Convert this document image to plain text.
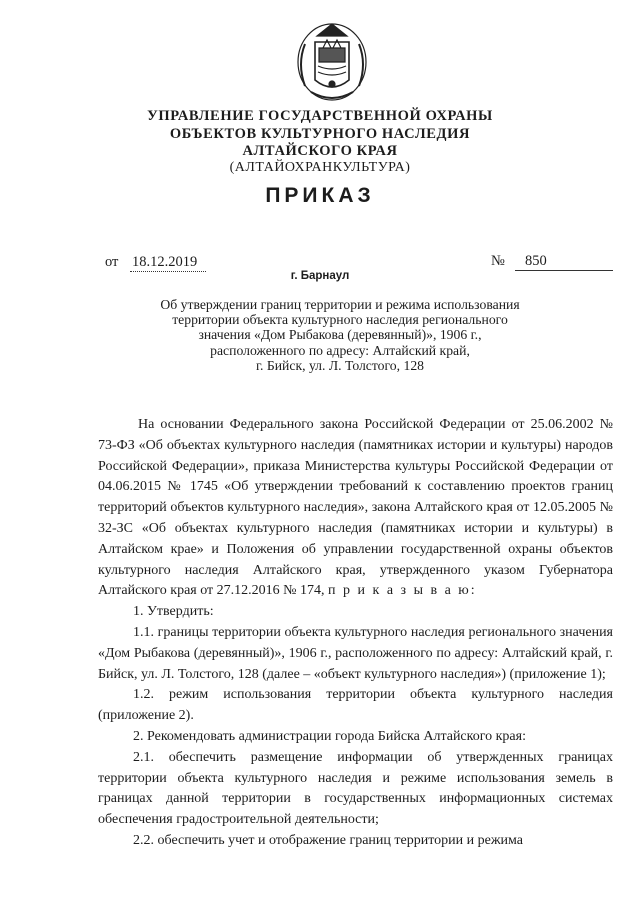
УПРАВЛЕНИЕ ГОСУДАРСТВЕННОЙ ОХРАНЫ
ОБЪЕКТОВ КУЛЬТУРНОГО НАСЛЕДИЯ
АЛТАЙСКОГО КРАЯ
(АЛТАЙОХРАНКУЛЬТУРА)
ПРИКАЗ
от 18.12.2019	№	850
г. Барнаул
Об утверждении границ территории и режима использования
территории объекта культурного наследия регионального
значения «Дом Рыбакова (деревянный)», 1906 г.,
расположенного по адресу: Алтайский край,
г. Бийск, ул. Л. Толстого, 128
На основании Федерального закона Российской Федерации от 25.06.2002 № 73-ФЗ «Об объектах культурного наследия (памятниках истории и культуры) народов Российской Федерации», приказа Министерства культуры Российской Федерации от 04.06.2015 № 1745 «Об утверждении требований к составлению проектов границ территорий объектов культурного наследия», закона Алтайского края от 12.05.2005 № 32-ЗС «Об объектах культурного наследия (памятниках истории и культуры) в Алтайском крае» и Положения об управлении государственной охраны объектов культурного наследия Алтайского края, утвержденного указом Губернатора Алтайского края от 27.12.2016 № 174, п р и к а з ы в а ю:
1. Утвердить:
1.1. границы территории объекта культурного наследия регионального значения «Дом Рыбакова (деревянный)», 1906 г., расположенного по адресу: Алтайский край, г. Бийск, ул. Л. Толстого, 128 (далее – «объект культурного наследия») (приложение 1);
1.2. режим использования территории объекта культурного наследия (приложение 2).
2. Рекомендовать администрации города Бийска Алтайского края:
2.1. обеспечить размещение информации об утвержденных границах территории объекта культурного наследия и режиме использования земель в границах данной территории в государственных информационных системах обеспечения градостроительной деятельности;
2.2. обеспечить учет и отображение границ территории и режима
